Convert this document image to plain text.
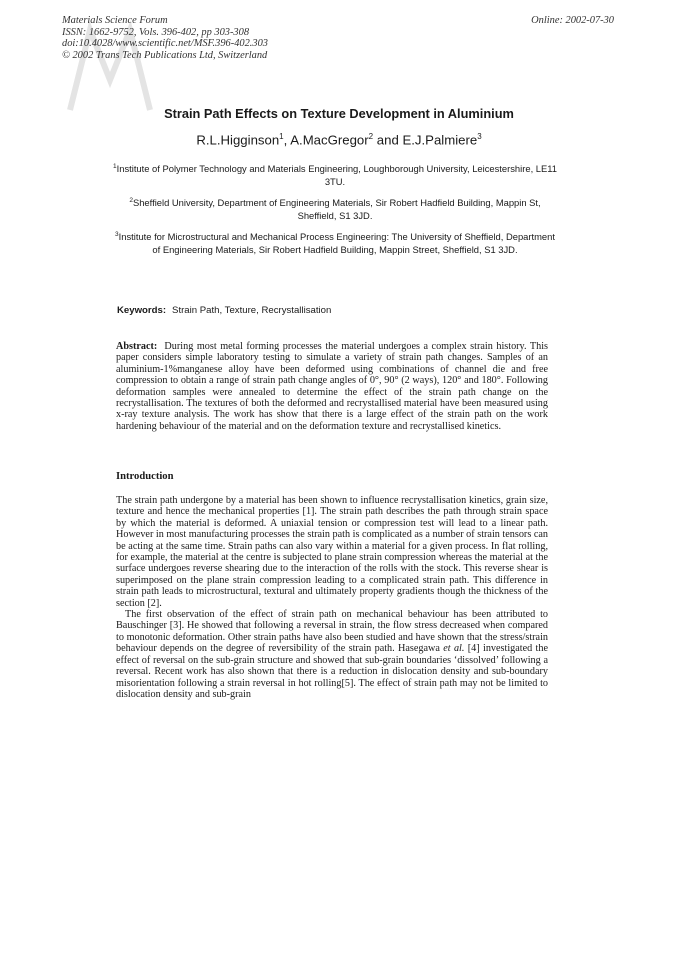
Materials Science Forum
ISSN: 1662-9752, Vols. 396-402, pp 303-308
doi:10.4028/www.scientific.net/MSF.396-402.303
© 2002 Trans Tech Publications Ltd, Switzerland
Online: 2002-07-30
Strain Path Effects on Texture Development in Aluminium
R.L.Higginson$^1$, A.MacGregor$^2$ and E.J.Palmiere$^3$
$^1$Institute of Polymer Technology and Materials Engineering, Loughborough University, Leicestershire, LE11 3TU.
$^2$Sheffield University, Department of Engineering Materials, Sir Robert Hadfield Building, Mappin St, Sheffield, S1 3JD.
$^3$Institute for Microstructural and Mechanical Process Engineering: The University of Sheffield, Department of Engineering Materials, Sir Robert Hadfield Building, Mappin Street, Sheffield, S1 3JD.
Keywords: Strain Path, Texture, Recrystallisation
Abstract: During most metal forming processes the material undergoes a complex strain history. This paper considers simple laboratory testing to simulate a variety of strain path changes. Samples of an aluminium-1%manganese alloy have been deformed using combinations of channel die and free compression to obtain a range of strain path change angles of 0°, 90° (2 ways), 120° and 180°. Following deformation samples were annealed to determine the effect of the strain path change on the recrystallisation. The textures of both the deformed and recrystallised material have been measured using x-ray texture analysis. The work has show that there is a large effect of the strain path on the work hardening behaviour of the material and on the deformation texture and recrystallised kinetics.
Introduction

The strain path undergone by a material has been shown to influence recrystallisation kinetics, grain size, texture and hence the mechanical properties [1]. The strain path describes the path through strain space by which the material is deformed. A uniaxial tension or compression test will lead to a linear path. However in most manufacturing processes the strain path is complicated as a number of strain tensors can be acting at the same time. Strain paths can also vary within a material for a given process. In flat rolling, for example, the material at the centre is subjected to plane strain compression whereas the material at the surface undergoes reverse shearing due to the interaction of the rolls with the stock. This reverse shear is superimposed on the plane strain compression leading to a complicated strain path. This difference in strain path leads to microstructural, textural and ultimately property gradients though the thickness of the section [2].

The first observation of the effect of strain path on mechanical behaviour has been attributed to Bauschinger [3]. He showed that following a reversal in strain, the flow stress decreased when compared to monotonic deformation. Other strain paths have also been studied and have shown that the stress/strain behaviour depends on the degree of reversibility of the strain path. Hasegawa et al. [4] investigated the effect of reversal on the sub-grain structure and showed that sub-grain boundaries ‘dissolved’ following a reversal. Recent work has also shown that there is a reduction in dislocation density and sub-boundary misorientation following a strain reversal in hot rolling[5]. The effect of strain path may not be limited to dislocation density and sub-grain
